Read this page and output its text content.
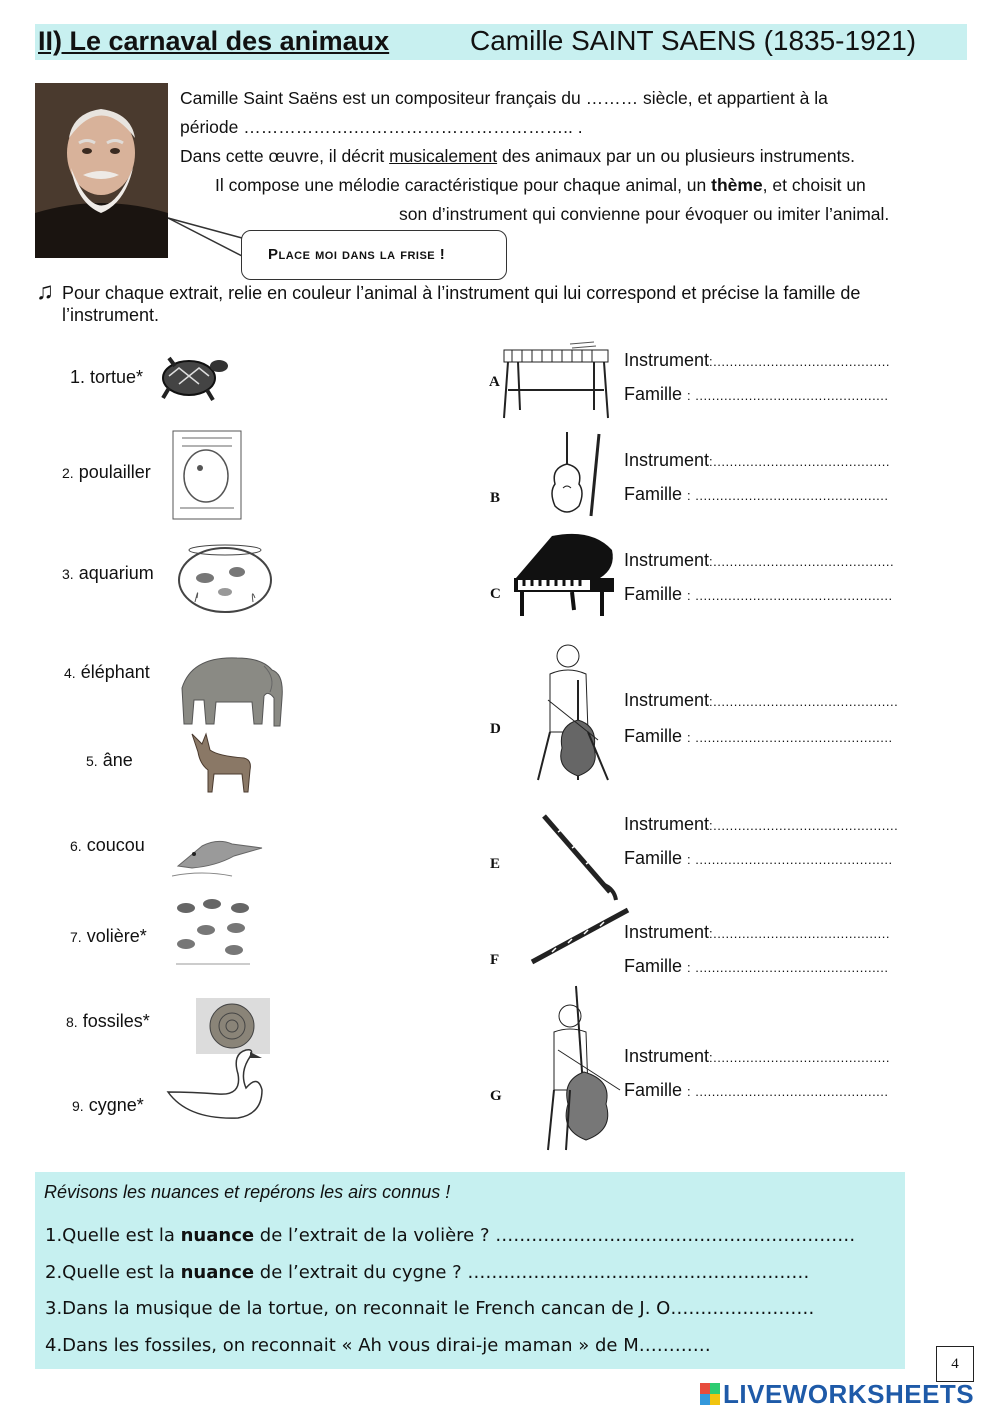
II) Le carnaval des animaux	Camille SAINT SAENS (1835-1921)
Camille Saint Saëns est un compositeur français du ……… siècle, et appartient à la
période ……………….……………………………….. .
Dans cette œuvre, il décrit musicalement des animaux par un ou plusieurs instruments.
Il compose une mélodie caractéristique pour chaque animal, un thème, et choisit un
son d’instrument qui convienne pour évoquer ou imiter l’animal.
Place moi dans la frise !
♫ Pour chaque extrait, relie en couleur l’animal à l’instrument qui lui correspond et précise la famille de
l’instrument.
1. tortue*
2. poulailler
3. aquarium
4. éléphant
5. âne
6. coucou
7. volière*
8. fossiles*
9. cygne*
A
B
C
D
E
F
G
Instrument:...........................................
Famille : ...............................................
Instrument:...........................................
Famille : ...............................................
Instrument:............................................
Famille : ................................................
Instrument:.............................................
Famille : ................................................
Instrument:.............................................
Famille : ................................................
Instrument:...........................................
Famille : ...............................................
Instrument:...........................................
Famille : ...............................................
Révisons les nuances et repérons les airs connus !
1.Quelle est la nuance de l’extrait de la volière ? ……………………………………………………
2.Quelle est la nuance de l’extrait du cygne ? …………………………………………………
3.Dans la musique de la tortue, on reconnait le French cancan de J. O……………………
4.Dans les fossiles, on reconnait « Ah vous dirai-je maman » de M…………
4
LIVEWORKSHEETS
